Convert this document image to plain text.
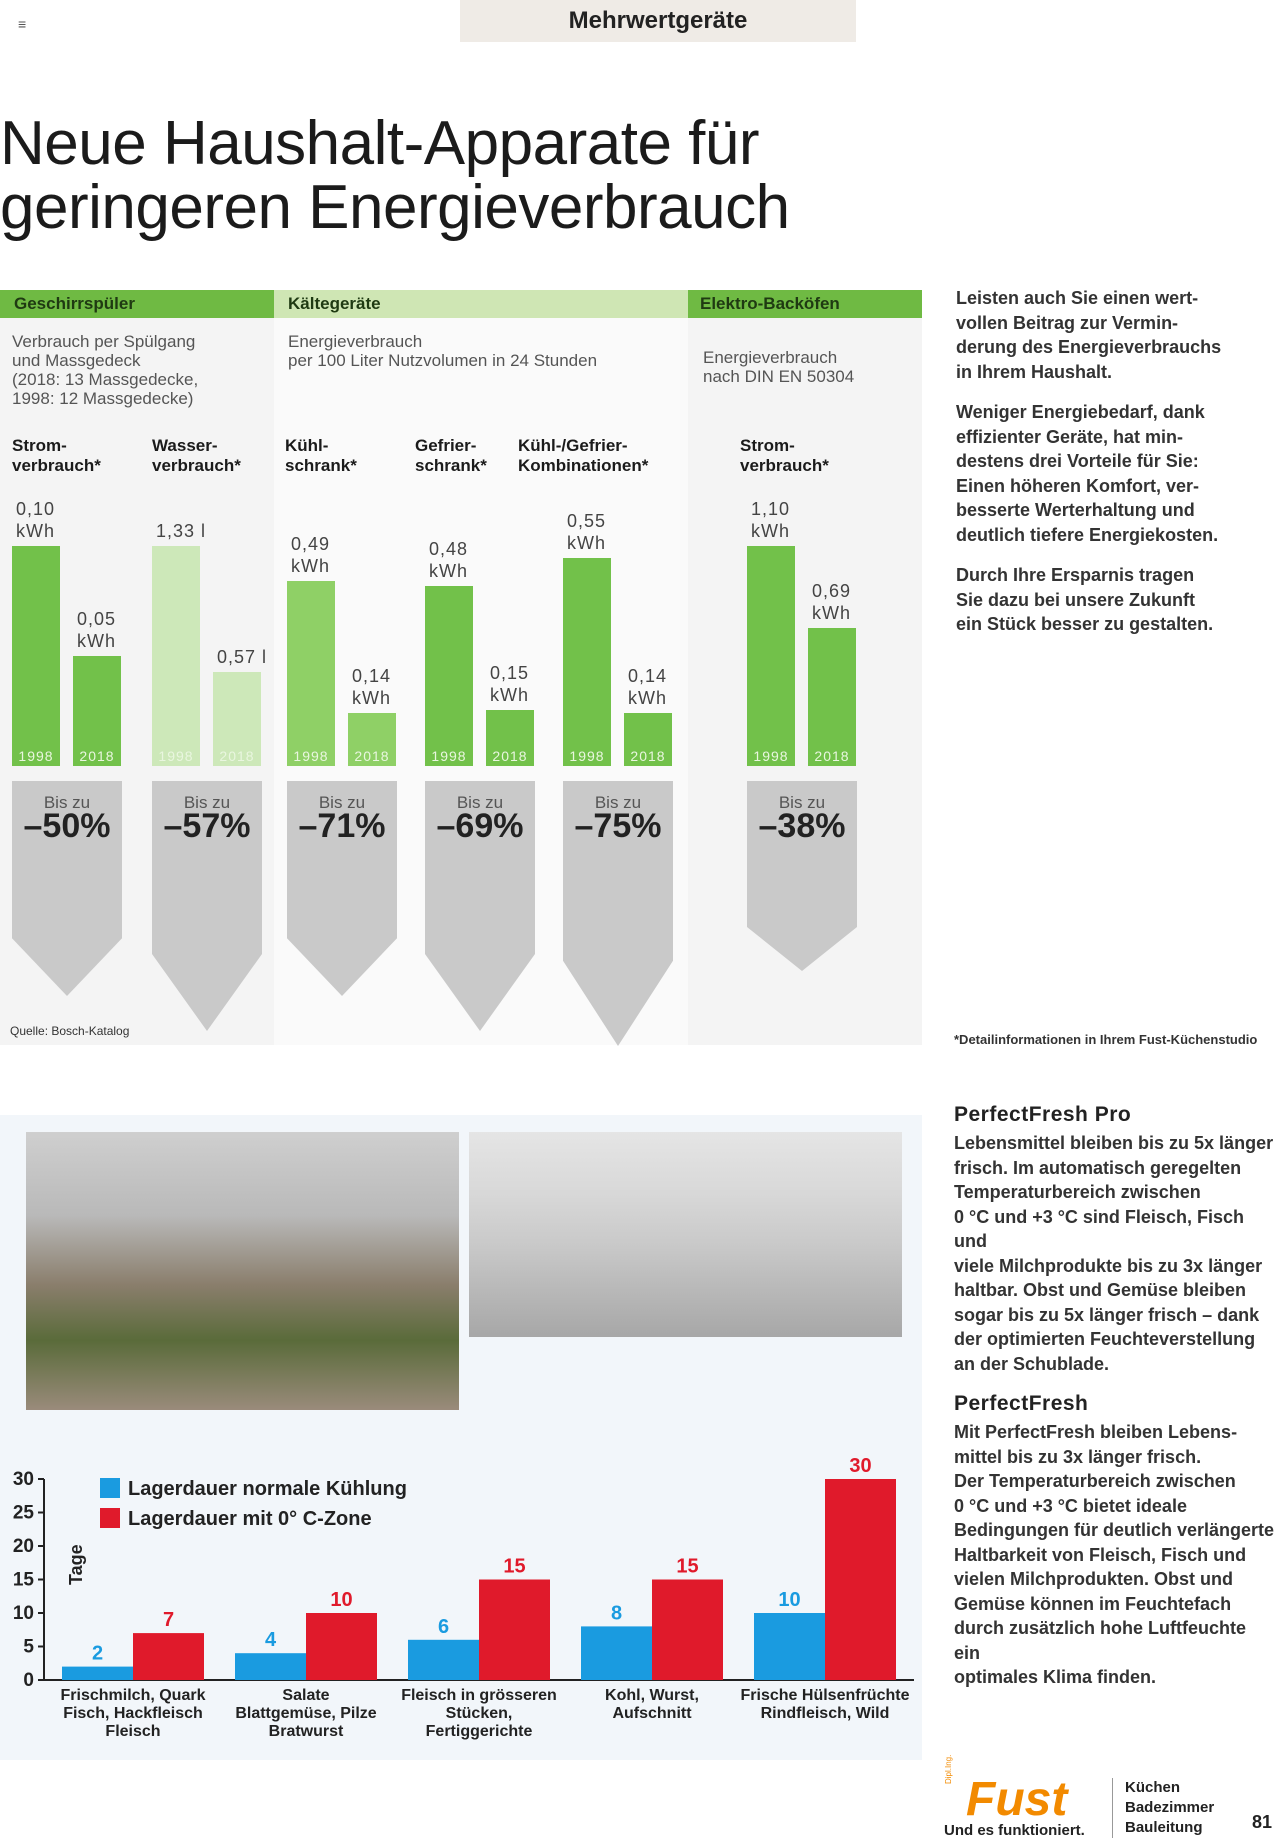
≡	Mehrwertgeräte
Neue Haushalt-Apparate für
geringeren Energieverbrauch
Geschirrspüler	Kältegeräte	Elektro-Backöfen
Verbrauch per Spülgang
und Massgedeck
(2018: 13 Massgedecke,
1998: 12 Massgedecke)
Energieverbrauch
per 100 Liter Nutzvolumen in 24 Stunden	Energieverbrauch
nach DIN EN 50304
Strom-
verbrauch*
1998	2018
0,10
kWh
0,05
kWh
Bis zu
–50%
Wasser-
verbrauch*
1998	2018
1,33 l
0,57 l
Bis zu
–57%
Kühl-
schrank*
1998	2018
0,49
kWh
0,14
kWh
Bis zu
–71%
Gefrier-
schrank*
1998	2018
0,48
kWh
0,15
kWh
Bis zu
–69%
Kühl-/Gefrier-
Kombinationen*
1998	2018
0,55
kWh
0,14
kWh
Bis zu
–75%
Strom-
verbrauch*
1998	2018
1,10
kWh
0,69
kWh
Bis zu
–38%
Quelle: Bosch-Katalog
*Detailinformationen in Ihrem Fust-Küchenstudio
Leisten auch Sie einen wert-
vollen Beitrag zur Vermin-
derung des Energieverbrauchs
in Ihrem Haushalt.
Weniger Energiebedarf, dank
effizienter Geräte, hat min-
destens drei Vorteile für Sie:
Einen höheren Komfort, ver-
besserte Werterhaltung und
deutlich tiefere Energiekosten.
Durch Ihre Ersparnis tragen
Sie dazu bei unsere Zukunft
ein Stück besser zu gestalten.
0
5
10
15
20
25
30
Tage
Lagerdauer normale Kühlung
Lagerdauer mit 0° C-Zone
2
7
Frischmilch, Quark
Fisch, Hackfleisch
Fleisch
4
10
Salate
Blattgemüse, Pilze
Bratwurst
6
15
Fleisch in grösseren
Stücken,
Fertiggerichte
8
15
Kohl, Wurst,
Aufschnitt
10
30
Frische Hülsenfrüchte
Rindfleisch, Wild
PerfectFresh Pro
Lebensmittel bleiben bis zu 5x länger
frisch. Im automatisch geregelten
Temperaturbereich zwischen
0 °C und +3 °C sind Fleisch, Fisch und
viele Milchprodukte bis zu 3x länger
haltbar. Obst und Gemüse bleiben
sogar bis zu 5x länger frisch – dank
der optimierten Feuchteverstellung
an der Schublade.
PerfectFresh
Mit PerfectFresh bleiben Lebens-
mittel bis zu 3x länger frisch.
Der Temperaturbereich zwischen
0 °C und +3 °C bietet ideale
Bedingungen für deutlich verlängerte
Haltbarkeit von Fleisch, Fisch und
vielen Milchprodukten. Obst und
Gemüse können im Feuchtefach
durch zusätzlich hohe Luftfeuchte ein
optimales Klima finden.
Fust
Dipl.Ing.
Und es funktioniert.
Küchen
Badezimmer
Bauleitung	81
